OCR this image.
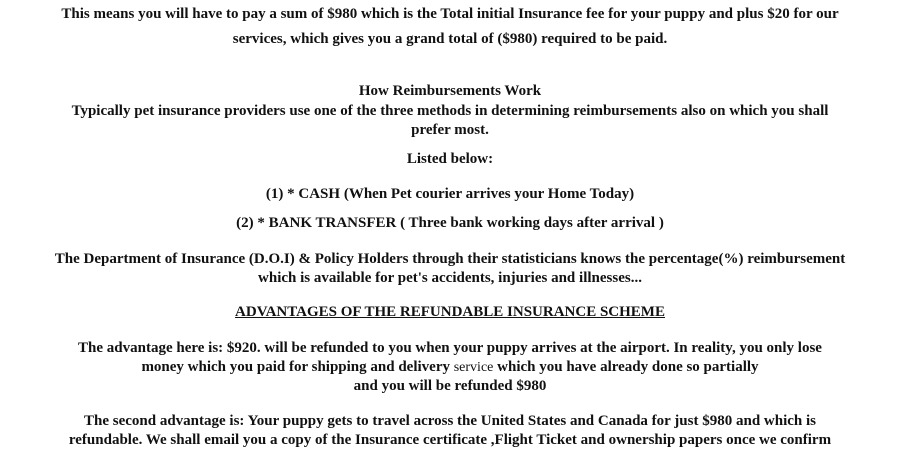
This means you will have to pay a sum of $980 which is the Total initial Insurance fee for your puppy and plus $20 for our
services, which gives you a grand total of ($980) required to be paid.
How Reimbursements Work
Typically pet insurance providers use one of the three methods in determining reimbursements also on which you shall
prefer most.
Listed below:
(1) * CASH (When Pet courier arrives your Home Today)
(2) * BANK TRANSFER ( Three bank working days after arrival )
The Department of Insurance (D.O.I) & Policy Holders through their statisticians knows the percentage(%) reimbursement
which is available for pet's accidents, injuries and illnesses...
ADVANTAGES OF THE REFUNDABLE INSURANCE SCHEME
The advantage here is: $920. will be refunded to you when your puppy arrives at the airport. In reality, you only lose
money which you paid for shipping and delivery service which you have already done so partially
and you will be refunded $980
The second advantage is: Your puppy gets to travel across the United States and Canada for just $980 and which is
refundable. We shall email you a copy of the Insurance certificate ,Flight Ticket and ownership papers once we confirm
